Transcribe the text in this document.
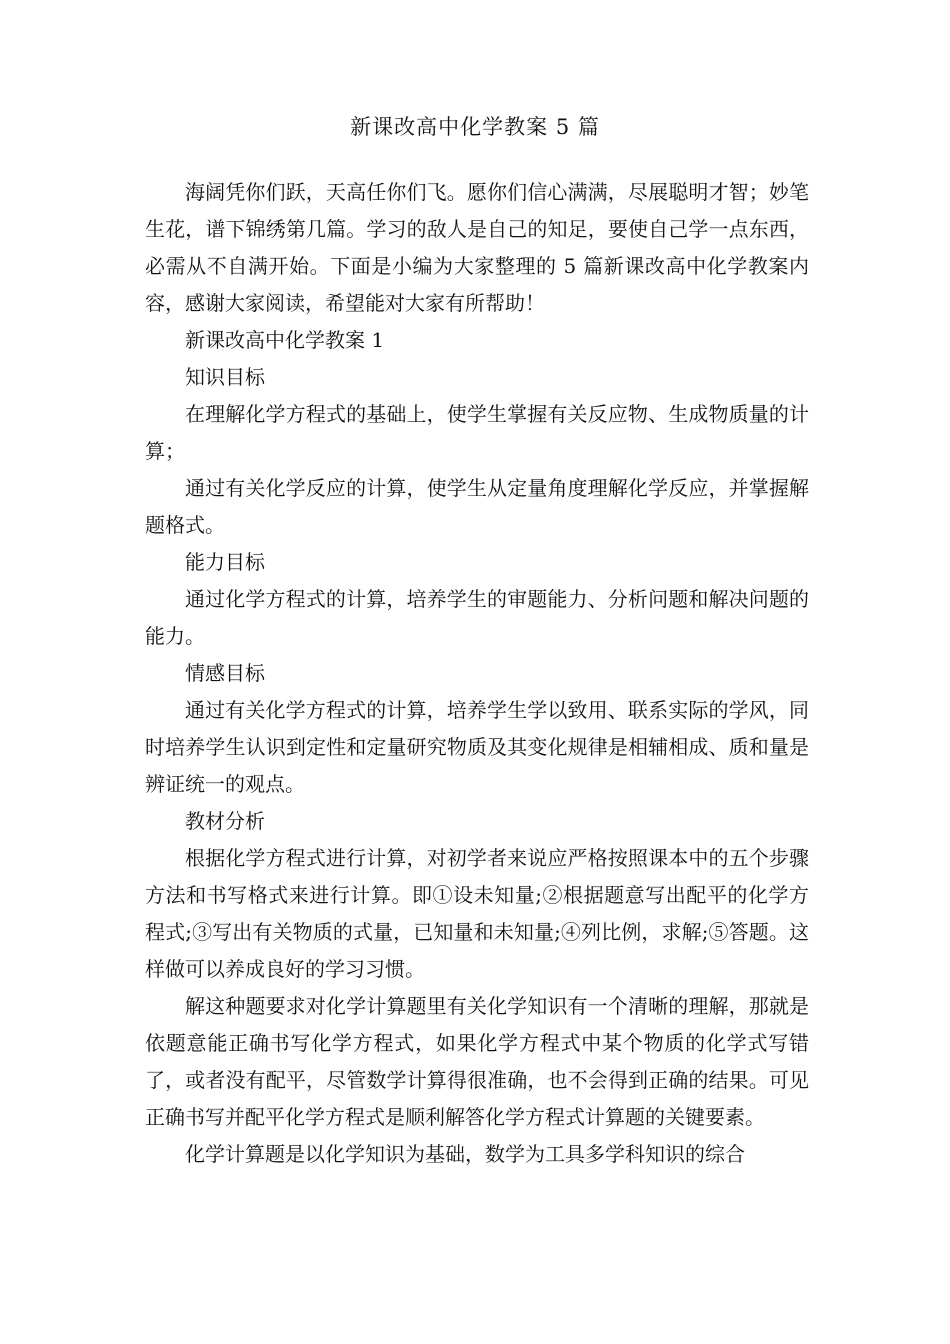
新课改高中化学教案 5 篇

海阔凭你们跃，天高任你们飞。愿你们信心满满，尽展聪明才智；妙笔生花，谱下锦绣第几篇。学习的敌人是自己的知足，要使自己学一点东西，必需从不自满开始。下面是小编为大家整理的 5 篇新课改高中化学教案内容，感谢大家阅读，希望能对大家有所帮助！

新课改高中化学教案 1

知识目标

在理解化学方程式的基础上，使学生掌握有关反应物、生成物质量的计算；

通过有关化学反应的计算，使学生从定量角度理解化学反应，并掌握解题格式。

能力目标

通过化学方程式的计算，培养学生的审题能力、分析问题和解决问题的能力。

情感目标

通过有关化学方程式的计算，培养学生学以致用、联系实际的学风，同时培养学生认识到定性和定量研究物质及其变化规律是相辅相成、质和量是辨证统一的观点。

教材分析

根据化学方程式进行计算，对初学者来说应严格按照课本中的五个步骤方法和书写格式来进行计算。即①设未知量;②根据题意写出配平的化学方程式;③写出有关物质的式量，已知量和未知量;④列比例，求解;⑤答题。这样做可以养成良好的学习习惯。

解这种题要求对化学计算题里有关化学知识有一个清晰的理解，那就是依题意能正确书写化学方程式，如果化学方程式中某个物质的化学式写错了，或者没有配平，尽管数学计算得很准确，也不会得到正确的结果。可见正确书写并配平化学方程式是顺利解答化学方程式计算题的关键要素。

化学计算题是以化学知识为基础，数学为工具多学科知识的综合
